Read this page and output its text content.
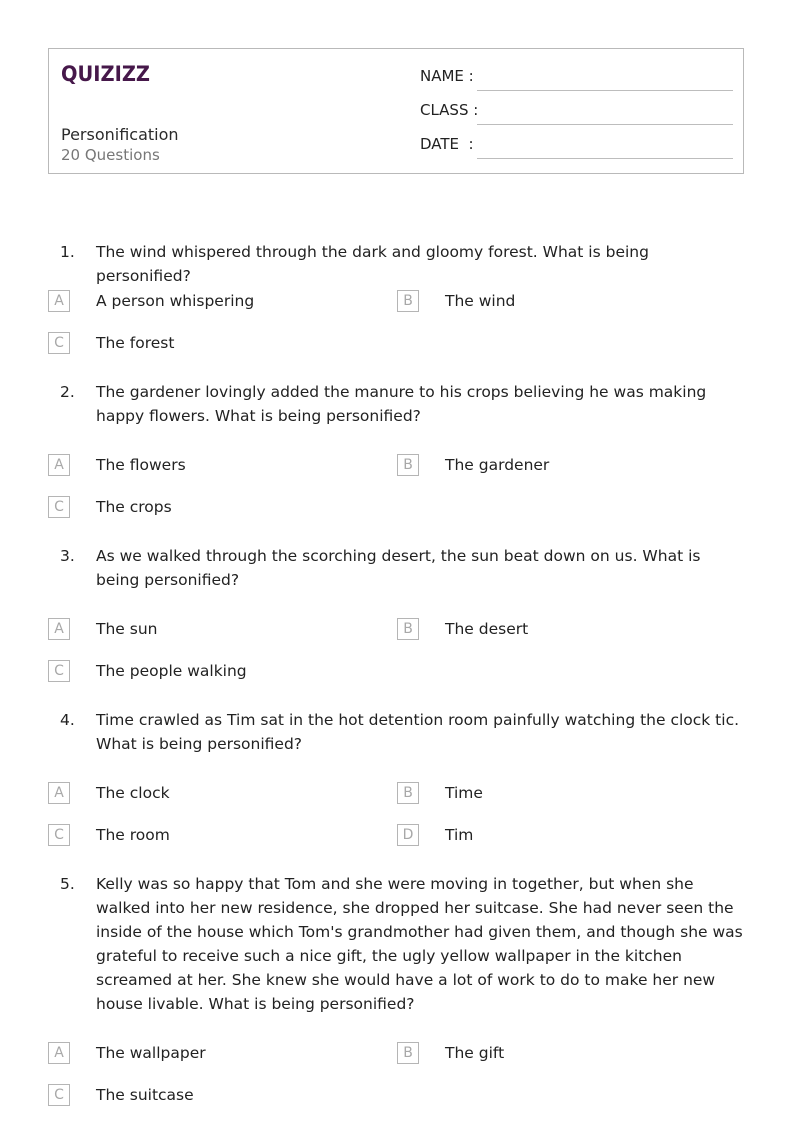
QUIZIZZ
Personification
20 Questions
NAME :
CLASS :
DATE  :
1. The wind whispered through the dark and gloomy forest. What is being personified?
A	A person whispering	B	The wind
C	The forest
2. The gardener lovingly added the manure to his crops believing he was making happy flowers. What is being personified?
A	The flowers	B	The gardener
C	The crops
3. As we walked through the scorching desert, the sun beat down on us. What is being personified?
A	The sun	B	The desert
C	The people walking
4. Time crawled as Tim sat in the hot detention room painfully watching the clock tic. What is being personified?
A	The clock	B	Time
C	The room	D	Tim
5. Kelly was so happy that Tom and she were moving in together, but when she walked into her new residence, she dropped her suitcase. She had never seen the inside of the house which Tom's grandmother had given them, and though she was grateful to receive such a nice gift, the ugly yellow wallpaper in the kitchen screamed at her. She knew she would have a lot of work to do to make her new house livable. What is being personified?
A	The wallpaper	B	The gift
C	The suitcase
